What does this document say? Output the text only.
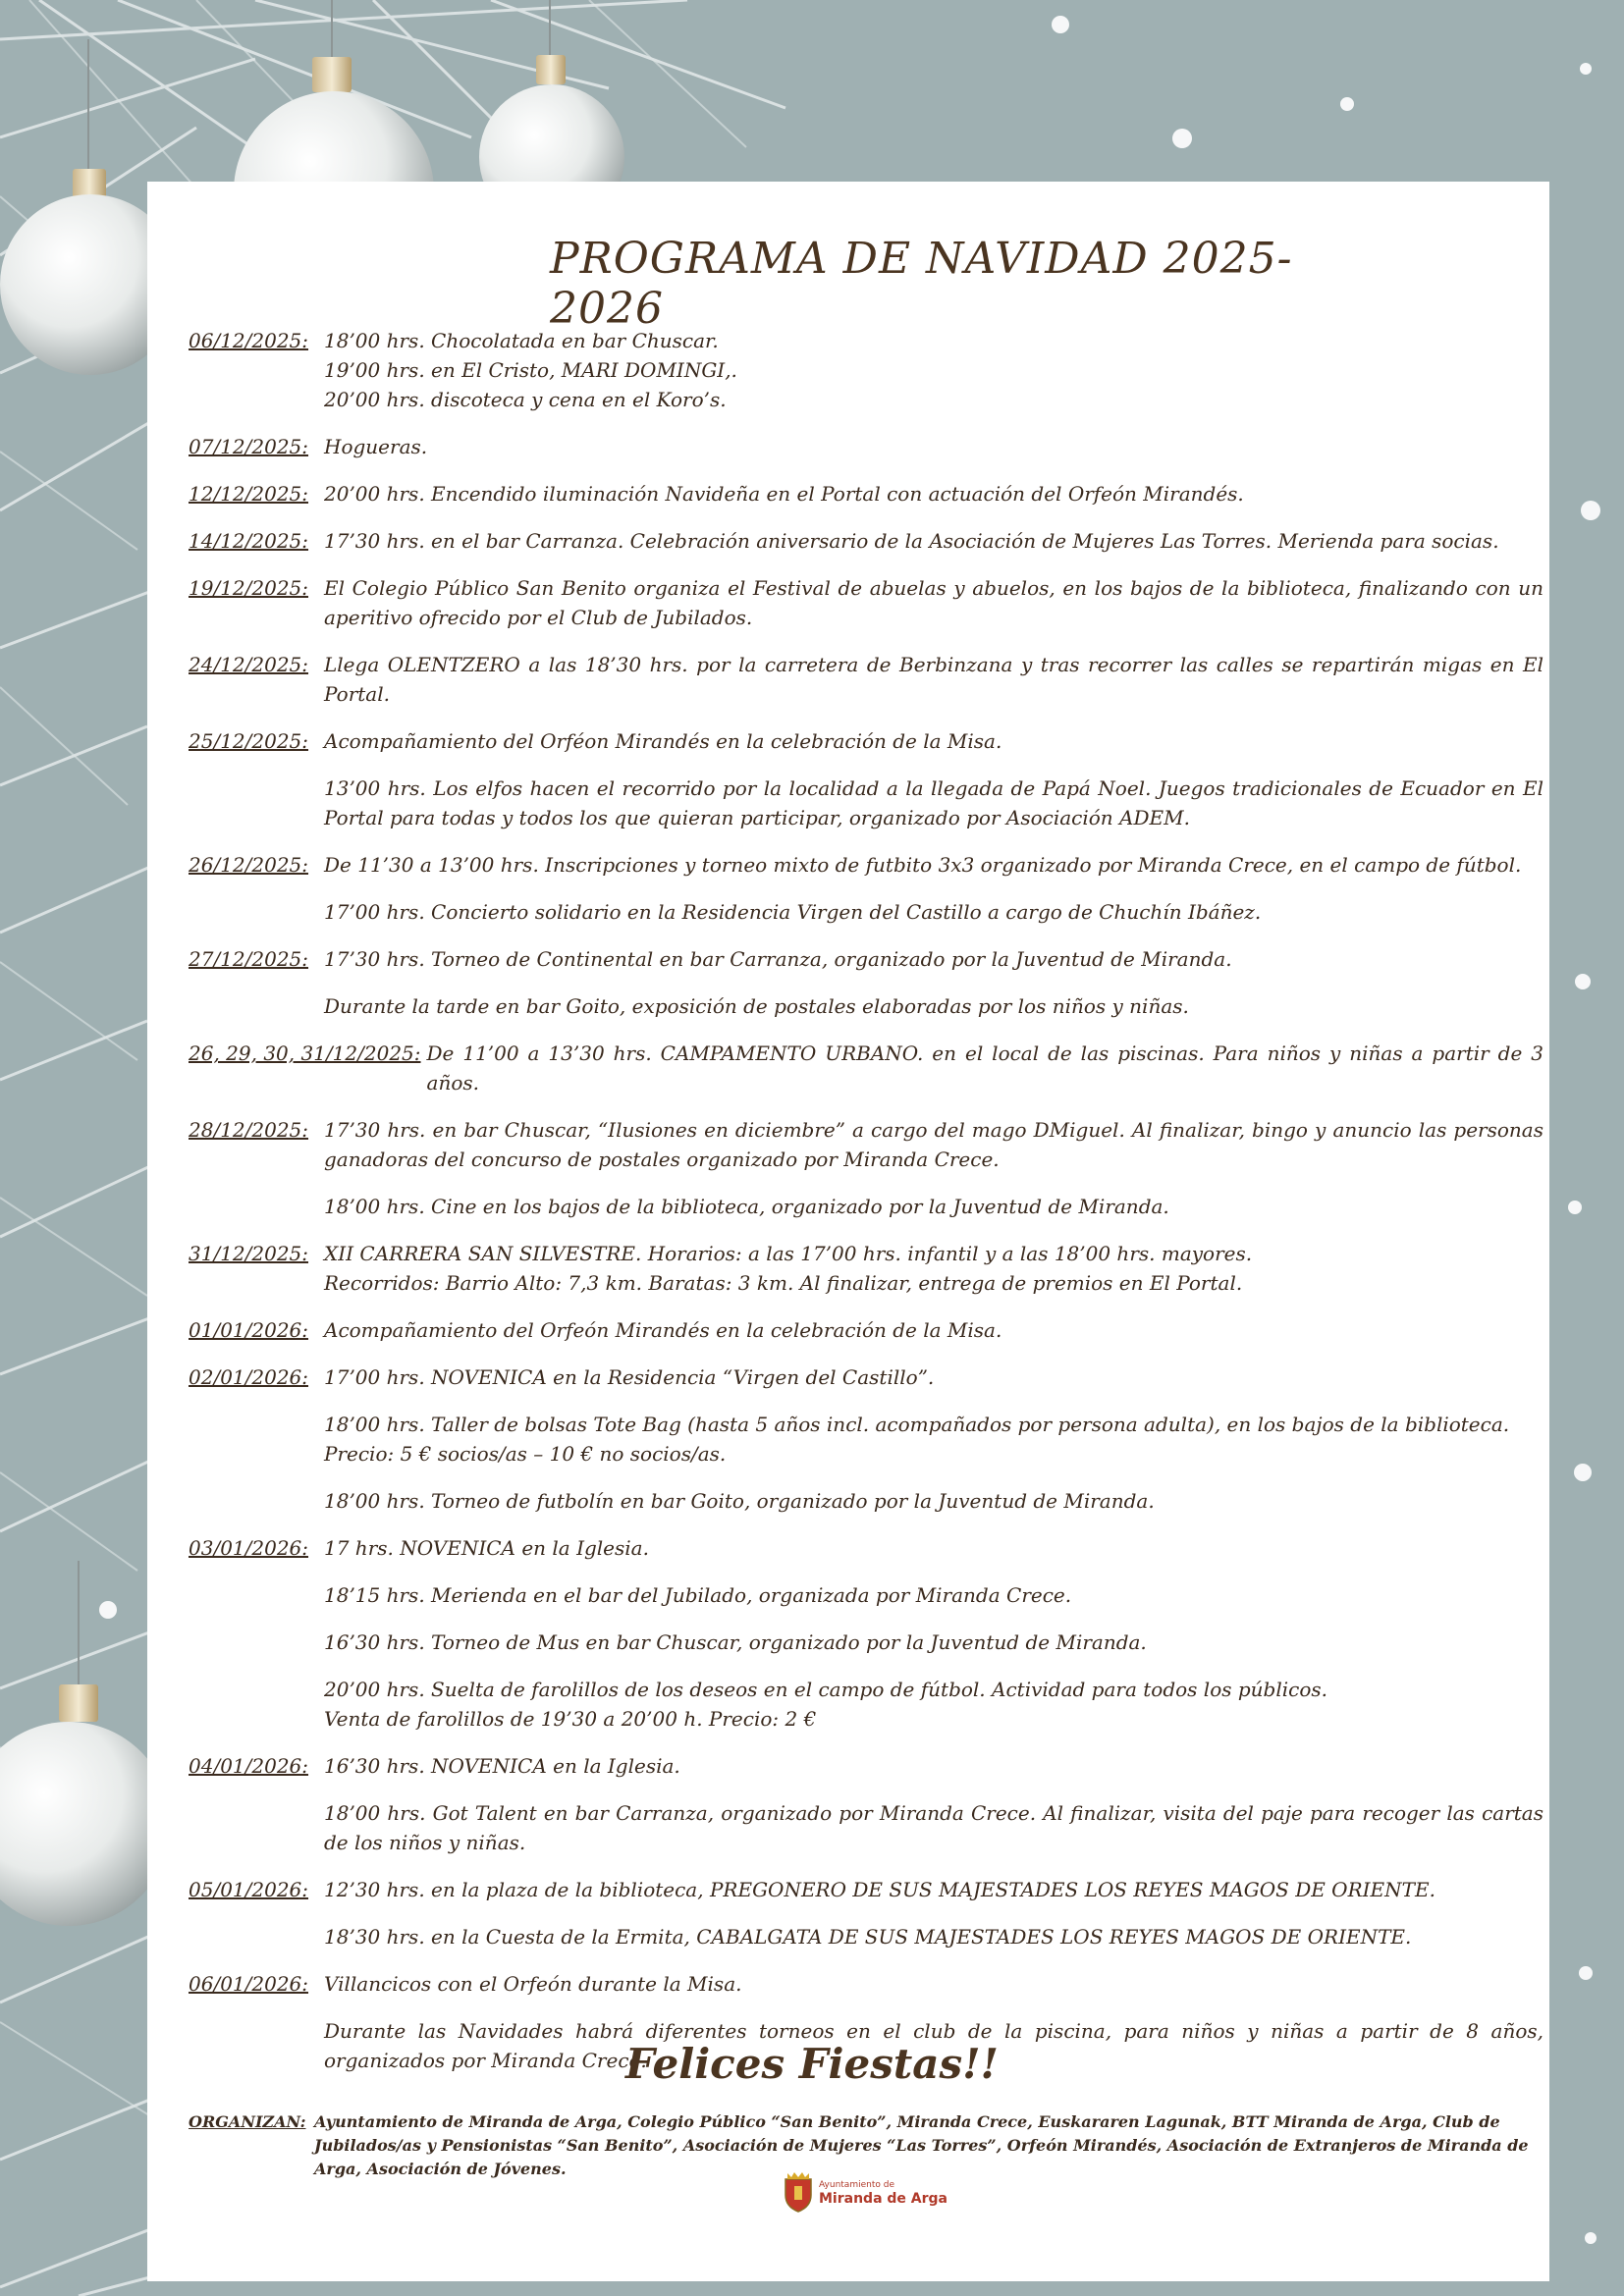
PROGRAMA DE NAVIDAD 2025-2026
06/12/2025: 18’00 hrs. Chocolatada en bar Chuscar.
19’00 hrs. en El Cristo, MARI DOMINGI,.
20’00 hrs. discoteca y cena en el Koro’s.
07/12/2025: Hogueras.
12/12/2025: 20’00 hrs. Encendido iluminación Navideña en el Portal con actuación del Orfeón Mirandés.
14/12/2025: 17’30 hrs. en el bar Carranza. Celebración aniversario de la Asociación de Mujeres Las Torres. Merienda para socias.
19/12/2025: El Colegio Público San Benito organiza el Festival de abuelas y abuelos, en los bajos de la biblioteca, finalizando con un aperitivo ofrecido por el Club de Jubilados.
24/12/2025: Llega OLENTZERO a las 18’30 hrs. por la carretera de Berbinzana y tras recorrer las calles se repartirán migas en El Portal.
25/12/2025: Acompañamiento del Orféon Mirandés en la celebración de la Misa.
13’00 hrs. Los elfos hacen el recorrido por la localidad a la llegada de Papá Noel. Juegos tradicionales de Ecuador en El Portal para todas y todos los que quieran participar, organizado por Asociación ADEM.
26/12/2025: De 11’30 a 13’00 hrs. Inscripciones y torneo mixto de futbito 3x3 organizado por Miranda Crece, en el campo de fútbol.
17’00 hrs. Concierto solidario en la Residencia Virgen del Castillo a cargo de Chuchín Ibáñez.
27/12/2025: 17’30 hrs. Torneo de Continental en bar Carranza, organizado por la Juventud de Miranda.
Durante la tarde en bar Goito, exposición de postales elaboradas por los niños y niñas.
26, 29, 30, 31/12/2025: De 11’00 a 13’30 hrs. CAMPAMENTO URBANO. en el local de las piscinas. Para niños y niñas a partir de 3 años.
28/12/2025: 17’30 hrs. en bar Chuscar, “Ilusiones en diciembre” a cargo del mago DMiguel. Al finalizar, bingo y anuncio las personas ganadoras del concurso de postales organizado por Miranda Crece.
18’00 hrs. Cine en los bajos de la biblioteca, organizado por la Juventud de Miranda.
31/12/2025: XII CARRERA SAN SILVESTRE. Horarios: a las 17’00 hrs. infantil y a las 18’00 hrs. mayores.
Recorridos: Barrio Alto: 7,3 km. Baratas: 3 km. Al finalizar, entrega de premios en El Portal.
01/01/2026: Acompañamiento del Orfeón Mirandés en la celebración de la Misa.
02/01/2026: 17’00 hrs. NOVENICA en la Residencia “Virgen del Castillo”.
18’00 hrs. Taller de bolsas Tote Bag (hasta 5 años incl. acompañados por persona adulta), en los bajos de la biblioteca.
Precio: 5 € socios/as – 10 € no socios/as.
18’00 hrs. Torneo de futbolín en bar Goito, organizado por la Juventud de Miranda.
03/01/2026: 17 hrs. NOVENICA en la Iglesia.
18’15 hrs. Merienda en el bar del Jubilado, organizada por Miranda Crece.
16’30 hrs. Torneo de Mus en bar Chuscar, organizado por la Juventud de Miranda.
20’00 hrs. Suelta de farolillos de los deseos en el campo de fútbol. Actividad para todos los públicos.
Venta de farolillos de 19’30 a 20’00 h. Precio: 2 €
04/01/2026: 16’30 hrs. NOVENICA en la Iglesia.
18’00 hrs. Got Talent en bar Carranza, organizado por Miranda Crece. Al finalizar, visita del paje para recoger las cartas de los niños y niñas.
05/01/2026: 12’30 hrs. en la plaza de la biblioteca, PREGONERO DE SUS MAJESTADES LOS REYES MAGOS DE ORIENTE.
18’30 hrs. en la Cuesta de la Ermita, CABALGATA DE SUS MAJESTADES LOS REYES MAGOS DE ORIENTE.
06/01/2026: Villancicos con el Orfeón durante la Misa.
Durante las Navidades habrá diferentes torneos en el club de la piscina, para niños y niñas a partir de 8 años, organizados por Miranda Crece.
Felices Fiestas!!
ORGANIZAN: Ayuntamiento de Miranda de Arga, Colegio Público “San Benito”, Miranda Crece, Euskararen Lagunak, BTT Miranda de Arga, Club de Jubilados/as y Pensionistas “San Benito”, Asociación de Mujeres “Las Torres”, Orfeón Mirandés, Asociación de Extranjeros de Miranda de Arga, Asociación de Jóvenes.
Ayuntamiento de
Miranda de Arga
